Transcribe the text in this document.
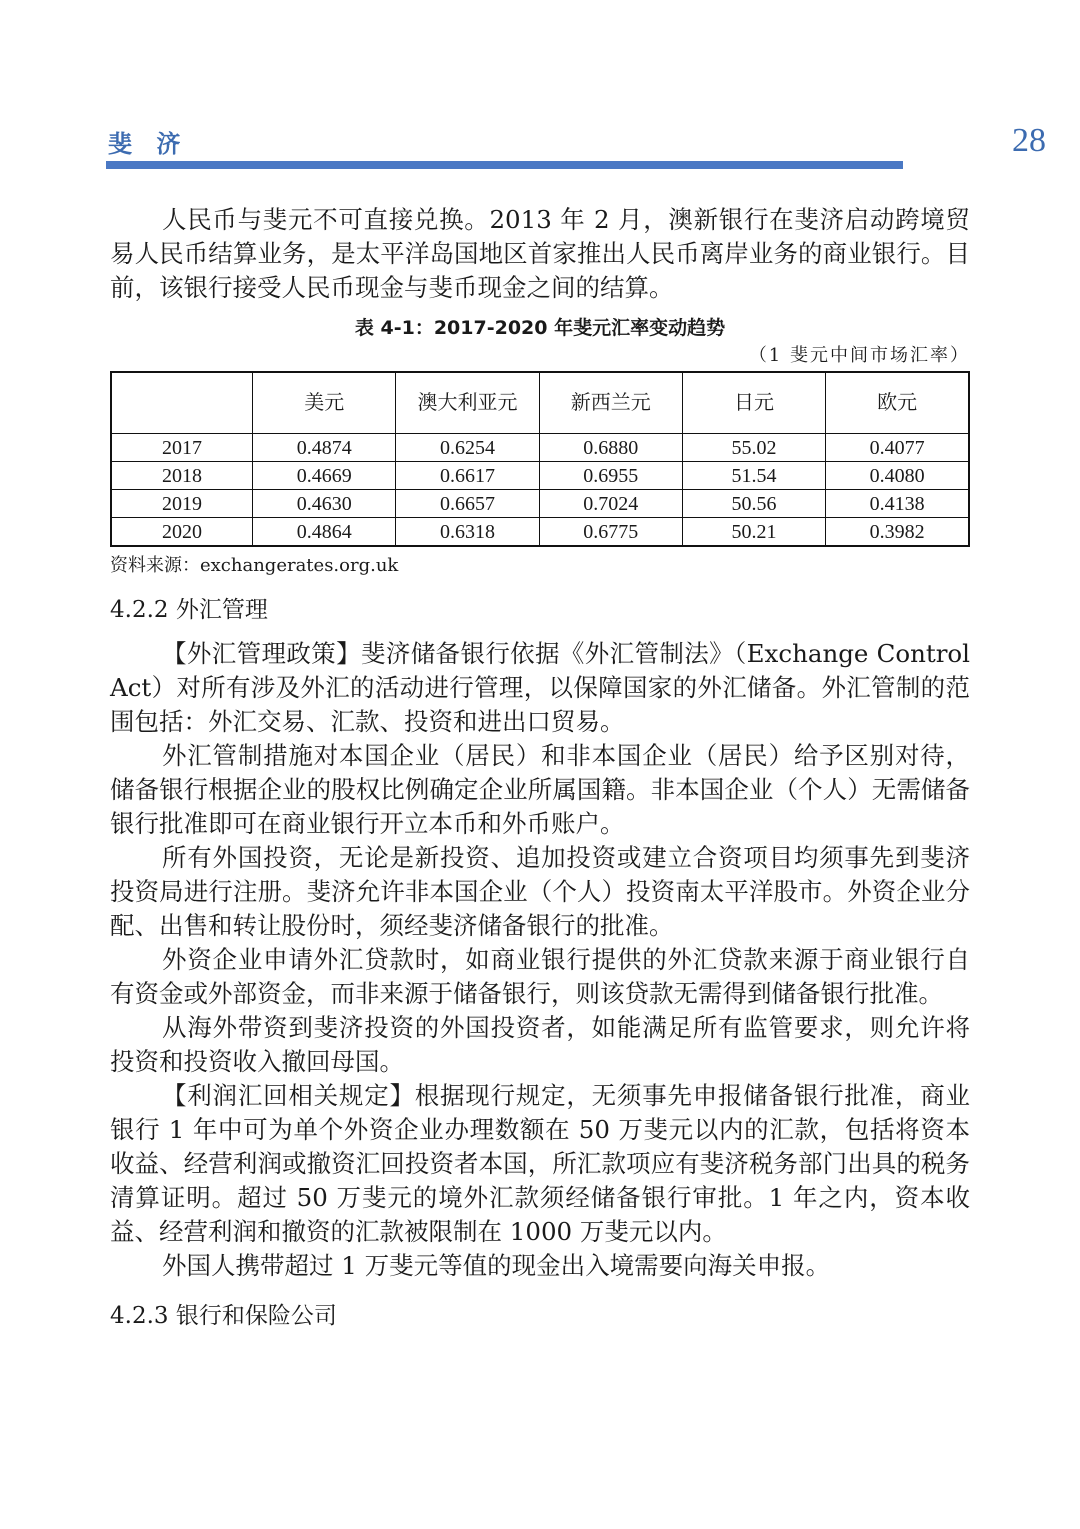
斐 济	28

人民币与斐元不可直接兑换。2013 年 2 月，澳新银行在斐济启动跨境贸易人民币结算业务，是太平洋岛国地区首家推出人民币离岸业务的商业银行。目前，该银行接受人民币现金与斐币现金之间的结算。

表 4-1：2017-2020 年斐元汇率变动趋势
（1 斐元中间市场汇率）
	美元	澳大利亚元	新西兰元	日元	欧元
2017	0.4874	0.6254	0.6880	55.02	0.4077
2018	0.4669	0.6617	0.6955	51.54	0.4080
2019	0.4630	0.6657	0.7024	50.56	0.4138
2020	0.4864	0.6318	0.6775	50.21	0.3982
资料来源：exchangerates.org.uk
4.2.2 外汇管理

【外汇管理政策】斐济储备银行依据《外汇管制法》（Exchange Control Act）对所有涉及外汇的活动进行管理，以保障国家的外汇储备。外汇管制的范围包括：外汇交易、汇款、投资和进出口贸易。

外汇管制措施对本国企业（居民）和非本国企业（居民）给予区别对待，储备银行根据企业的股权比例确定企业所属国籍。非本国企业（个人）无需储备银行批准即可在商业银行开立本币和外币账户。

所有外国投资，无论是新投资、追加投资或建立合资项目均须事先到斐济投资局进行注册。斐济允许非本国企业（个人）投资南太平洋股市。外资企业分配、出售和转让股份时，须经斐济储备银行的批准。

外资企业申请外汇贷款时，如商业银行提供的外汇贷款来源于商业银行自有资金或外部资金，而非来源于储备银行，则该贷款无需得到储备银行批准。

从海外带资到斐济投资的外国投资者，如能满足所有监管要求，则允许将投资和投资收入撤回母国。

【利润汇回相关规定】根据现行规定，无须事先申报储备银行批准，商业银行 1 年中可为单个外资企业办理数额在 50 万斐元以内的汇款，包括将资本收益、经营利润或撤资汇回投资者本国，所汇款项应有斐济税务部门出具的税务清算证明。超过 50 万斐元的境外汇款须经储备银行审批。1 年之内，资本收益、经营利润和撤资的汇款被限制在 1000 万斐元以内。

外国人携带超过 1 万斐元等值的现金出入境需要向海关申报。

4.2.3 银行和保险公司
